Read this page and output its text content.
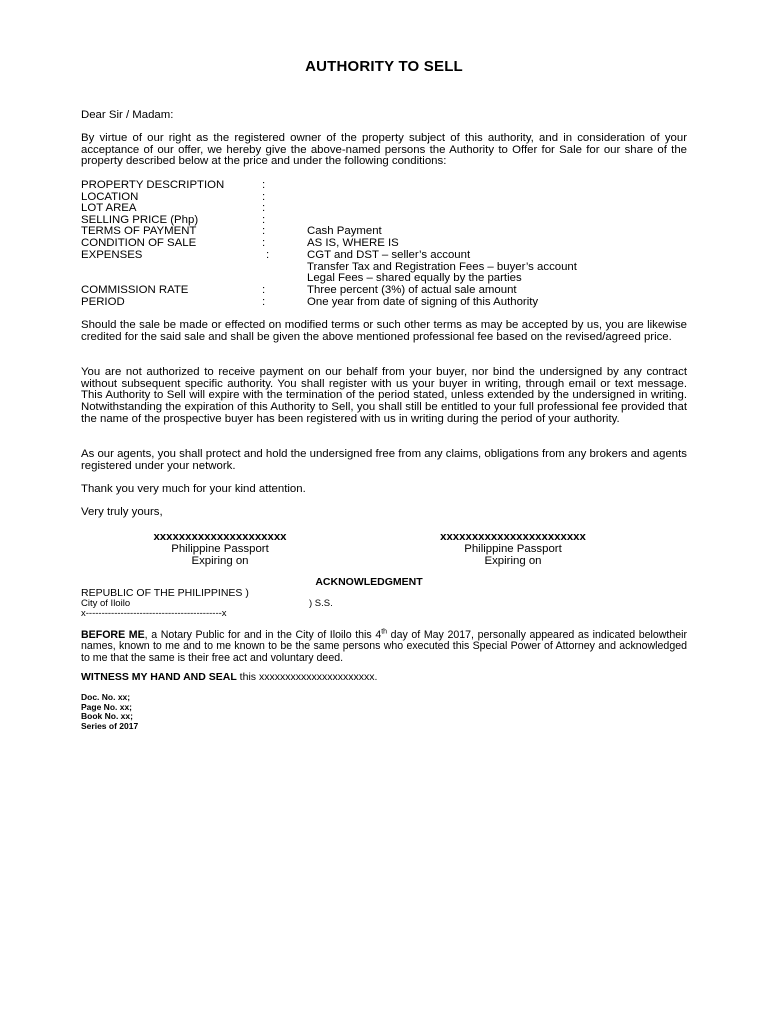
AUTHORITY TO SELL
Dear Sir / Madam:
By virtue of our right as the registered owner of the property subject of this authority, and in consideration of your acceptance of our offer, we hereby give the above-named persons the Authority to Offer for Sale for our share of the property described below at the price and under the following conditions:
PROPERTY DESCRIPTION	:
LOCATION	:
LOT AREA	:
SELLING PRICE (Php)	:
TERMS OF PAYMENT	:	Cash Payment
CONDITION OF SALE	:	AS IS, WHERE IS
EXPENSES	:	CGT and DST – seller’s account
Transfer Tax and Registration Fees – buyer’s account
Legal Fees – shared equally by the parties
COMMISSION RATE	:	Three percent (3%) of actual sale amount
PERIOD	:	One year from date of signing of this Authority
Should the sale be made or effected on modified terms or such other terms as may be accepted by us, you are likewise credited for the said sale and shall be given the above mentioned professional fee based on the revised/agreed price.
You are not authorized to receive payment on our behalf from your buyer, nor bind the undersigned by any contract without subsequent specific authority. You shall register with us your buyer in writing, through email or text message. This Authority to Sell will expire with the termination of the period stated, unless extended by the undersigned in writing. Notwithstanding the expiration of this Authority to Sell, you shall still be entitled to your full professional fee provided that the name of the prospective buyer has been registered with us in writing during the period of your authority.
As our agents, you shall protect and hold the undersigned free from any claims, obligations from any brokers and agents registered under your network.
Thank you very much for your kind attention.
Very truly yours,
xxxxxxxxxxxxxxxxxxxxx
Philippine Passport
Expiring on
xxxxxxxxxxxxxxxxxxxxxxx
Philippine Passport
Expiring on
ACKNOWLEDGMENT
REPUBLIC OF THE PHILIPPINES )
City of Iloilo	) S.S.
x-------------------------------------------x
BEFORE ME, a Notary Public for and in the City of Iloilo this 4th day of May 2017, personally appeared as indicated belowtheir names, known to me and to me known to be the same persons who executed this Special Power of Attorney and acknowledged to me that the same is their free act and voluntary deed.
WITNESS MY HAND AND SEAL this xxxxxxxxxxxxxxxxxxxxxx.
Doc. No. xx;
Page No. xx;
Book No. xx;
Series of 2017
